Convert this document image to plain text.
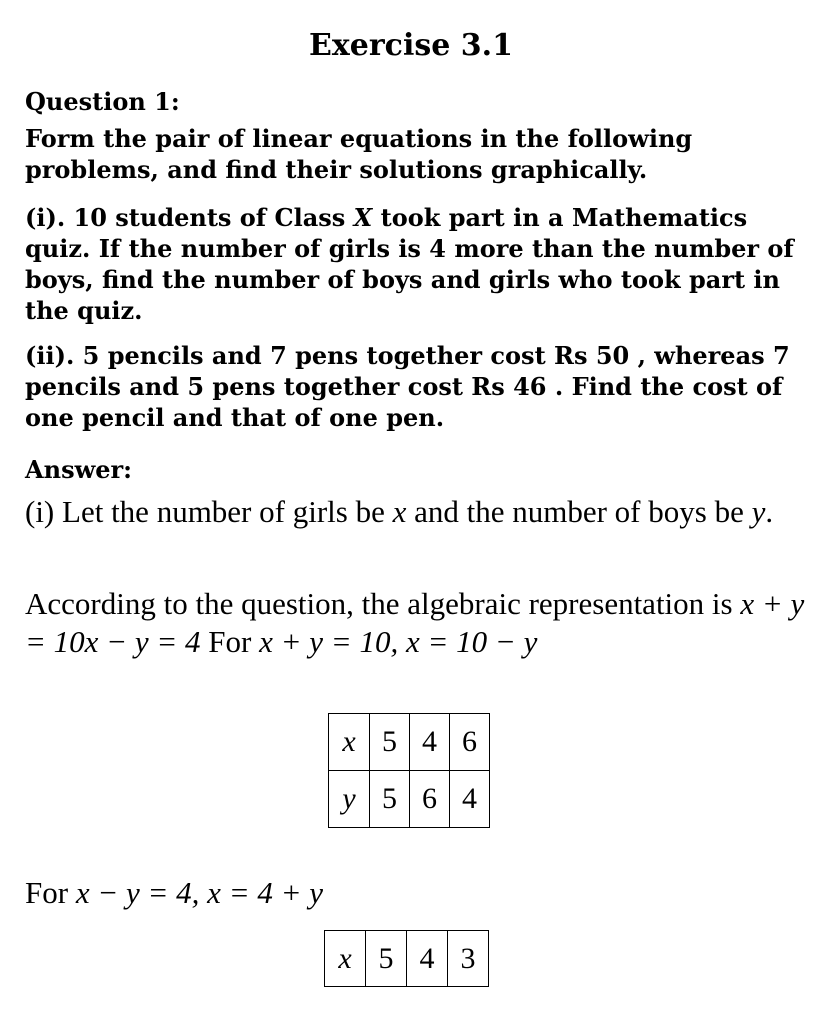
Exercise 3.1
Question 1:
Form the pair of linear equations in the following problems, and find their solutions graphically.
(i). 10 students of Class X took part in a Mathematics quiz. If the number of girls is 4 more than the number of boys, find the number of boys and girls who took part in the quiz.
(ii). 5 pencils and 7 pens together cost Rs 50 , whereas 7 pencils and 5 pens together cost Rs 46 . Find the cost of one pencil and that of one pen.
Answer:
(i) Let the number of girls be x and the number of boys be y.
According to the question, the algebraic representation is x + y = 10x − y = 4 For x + y = 10, x = 10 − y
x	5	4	6
y	5	6	4
For x − y = 4, x = 4 + y
x	5	4	3
